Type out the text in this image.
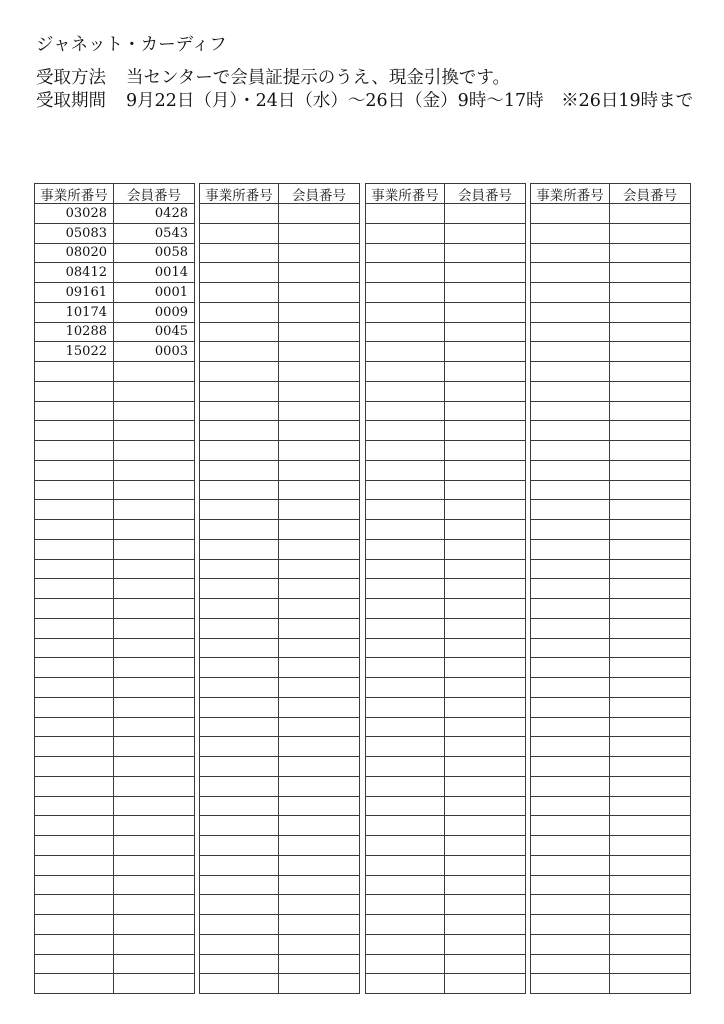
ジャネット・カーディフ
受取方法	当センターで会員証提示のうえ、現金引換です。
受取期間	9月22日（月）・24日（水）～26日（金）9時～17時　※26日19時まで
事業所番号	会員番号
03028	0428
05083	0543
08020	0058
08412	0014
09161	0001
10174	0009
10288	0045
15022	0003
事業所番号	会員番号	事業所番号	会員番号	事業所番号	会員番号
